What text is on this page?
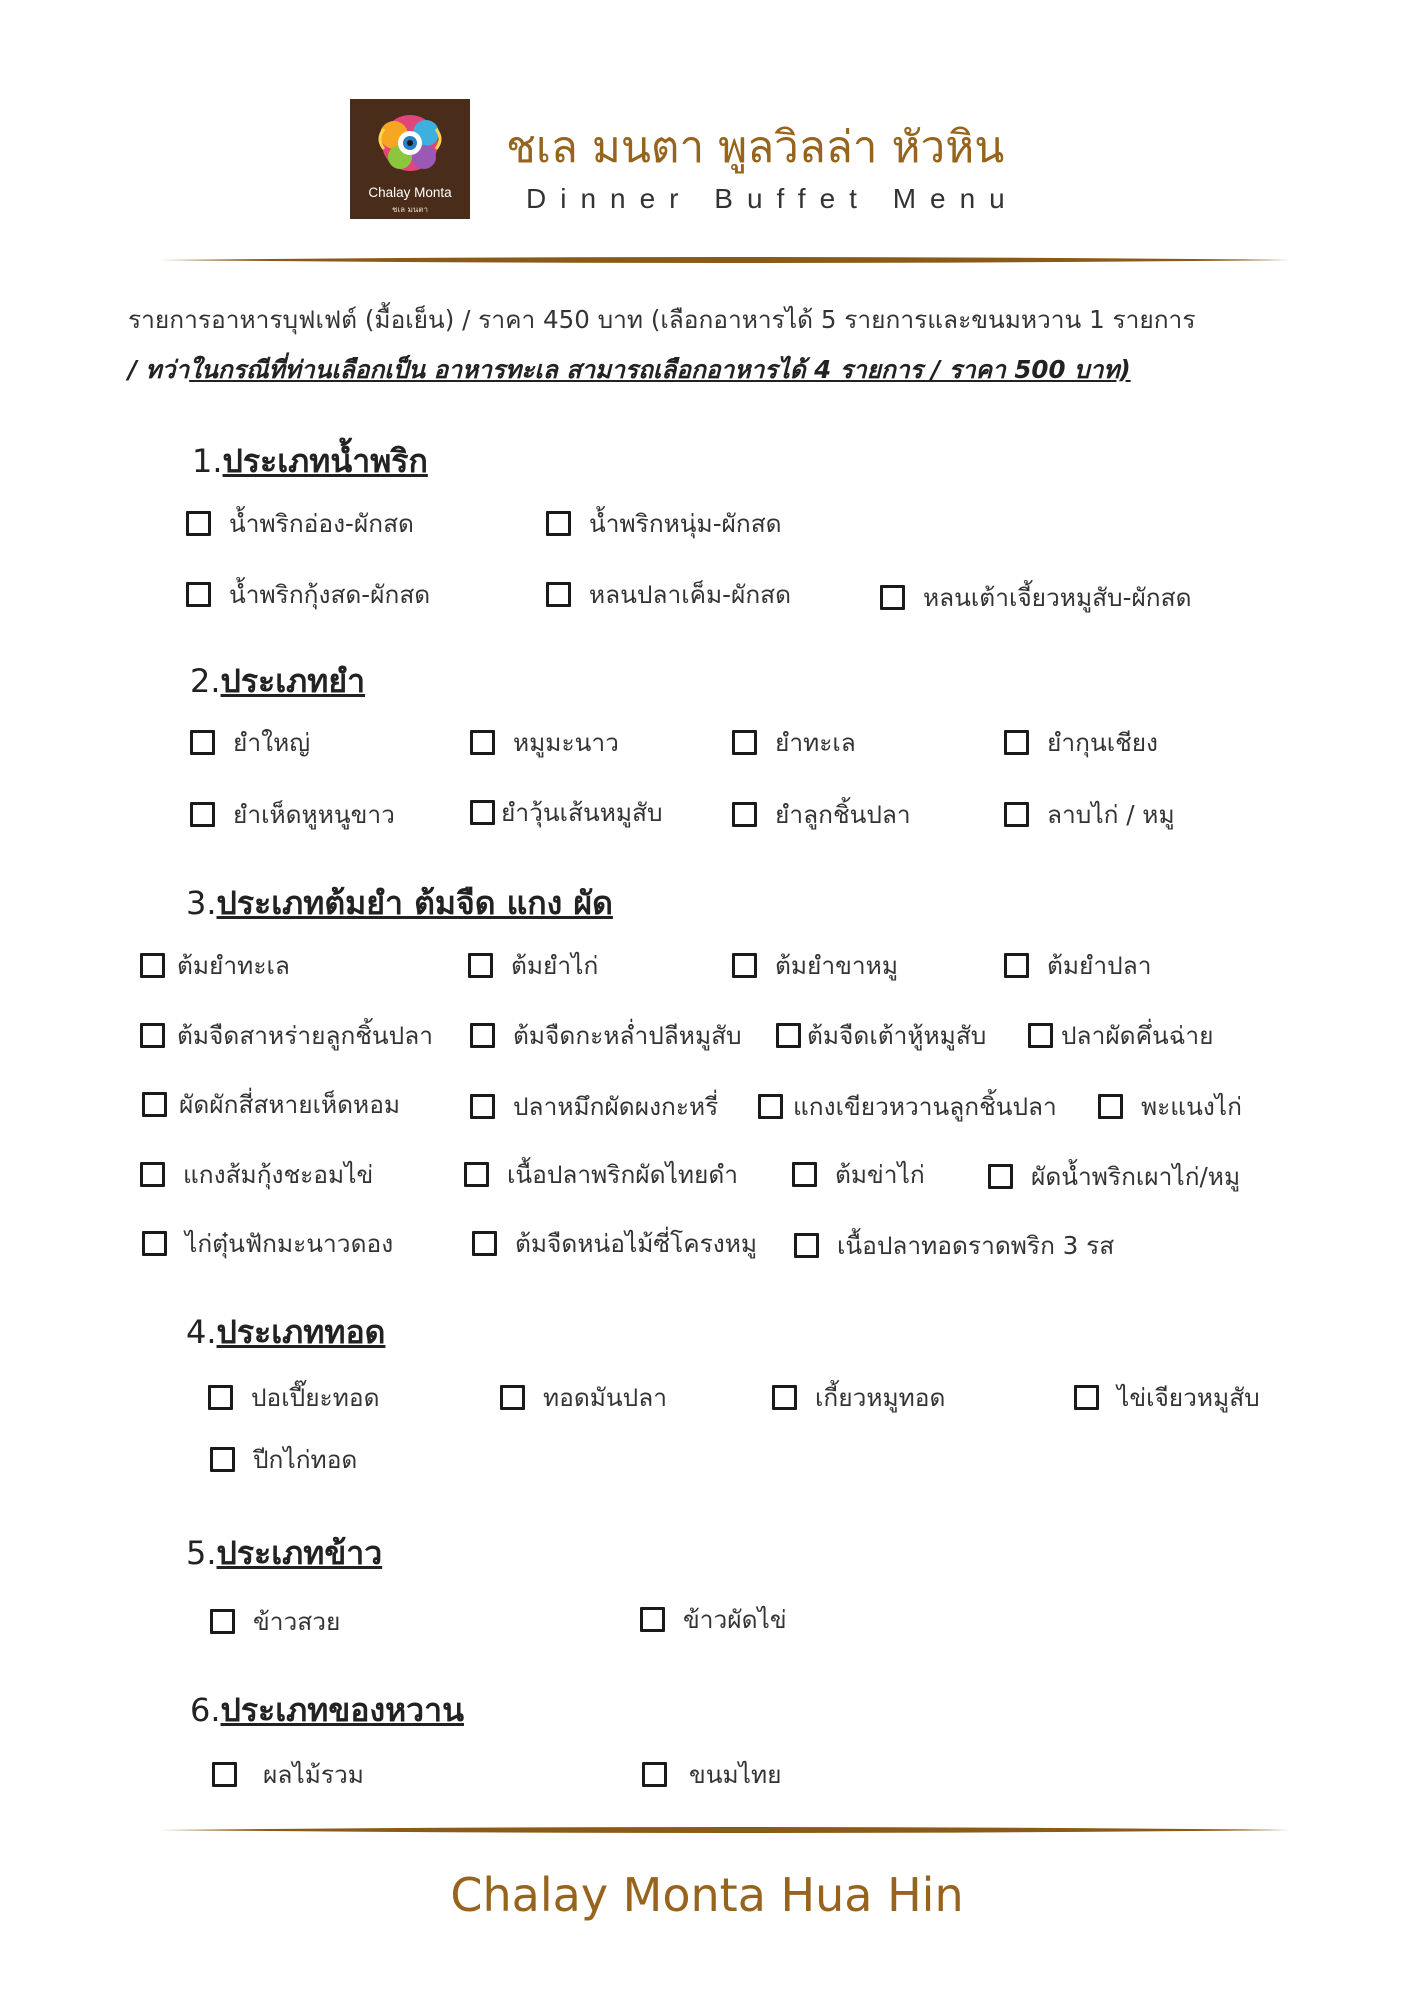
Chalay Monta
ชเล มนตา
ชเล มนตา พูลวิลล่า หัวหิน
Dinner Buffet Menu
รายการอาหารบุฟเฟต์ (มื้อเย็น) / ราคา 450 บาท (เลือกอาหารได้ 5 รายการและขนมหวาน 1 รายการ
/ ทว่าในกรณีที่ท่านเลือกเป็น อาหารทะเล สามารถเลือกอาหารได้ 4 รายการ / ราคา 500 บาท)
1.ประเภทน้ำพริก
น้ำพริกอ่อง-ผักสด	น้ำพริกหนุ่ม-ผักสด
น้ำพริกกุ้งสด-ผักสด	หลนปลาเค็ม-ผักสด	หลนเต้าเจี้ยวหมูสับ-ผักสด
2.ประเภทยำ
ยำใหญ่	หมูมะนาว	ยำทะเล	ยำกุนเชียง
ยำเห็ดหูหนูขาว	ยำวุ้นเส้นหมูสับ	ยำลูกชิ้นปลา	ลาบไก่ / หมู
3.ประเภทต้มยำ ต้มจืด แกง ผัด
ต้มยำทะเล	ต้มยำไก่	ต้มยำขาหมู	ต้มยำปลา
ต้มจืดสาหร่ายลูกชิ้นปลา	ต้มจืดกะหล่ำปลีหมูสับ	ต้มจืดเต้าหู้หมูสับ	ปลาผัดคึ่นฉ่าย
ผัดผักสี่สหายเห็ดหอม	ปลาหมึกผัดผงกะหรี่	แกงเขียวหวานลูกชิ้นปลา	พะแนงไก่
แกงส้มกุ้งชะอมไข่	เนื้อปลาพริกผัดไทยดำ	ต้มข่าไก่	ผัดน้ำพริกเผาไก่/หมู
ไก่ตุ๋นฟักมะนาวดอง	ต้มจืดหน่อไม้ซี่โครงหมู	เนื้อปลาทอดราดพริก 3 รส
4.ประเภททอด
ปอเปี๊ยะทอด	ทอดมันปลา	เกี้ยวหมูทอด	ไข่เจียวหมูสับ
ปีกไก่ทอด
5.ประเภทข้าว
ข้าวสวย	ข้าวผัดไข่
6.ประเภทของหวาน
ผลไม้รวม	ขนมไทย
Chalay Monta Hua Hin
